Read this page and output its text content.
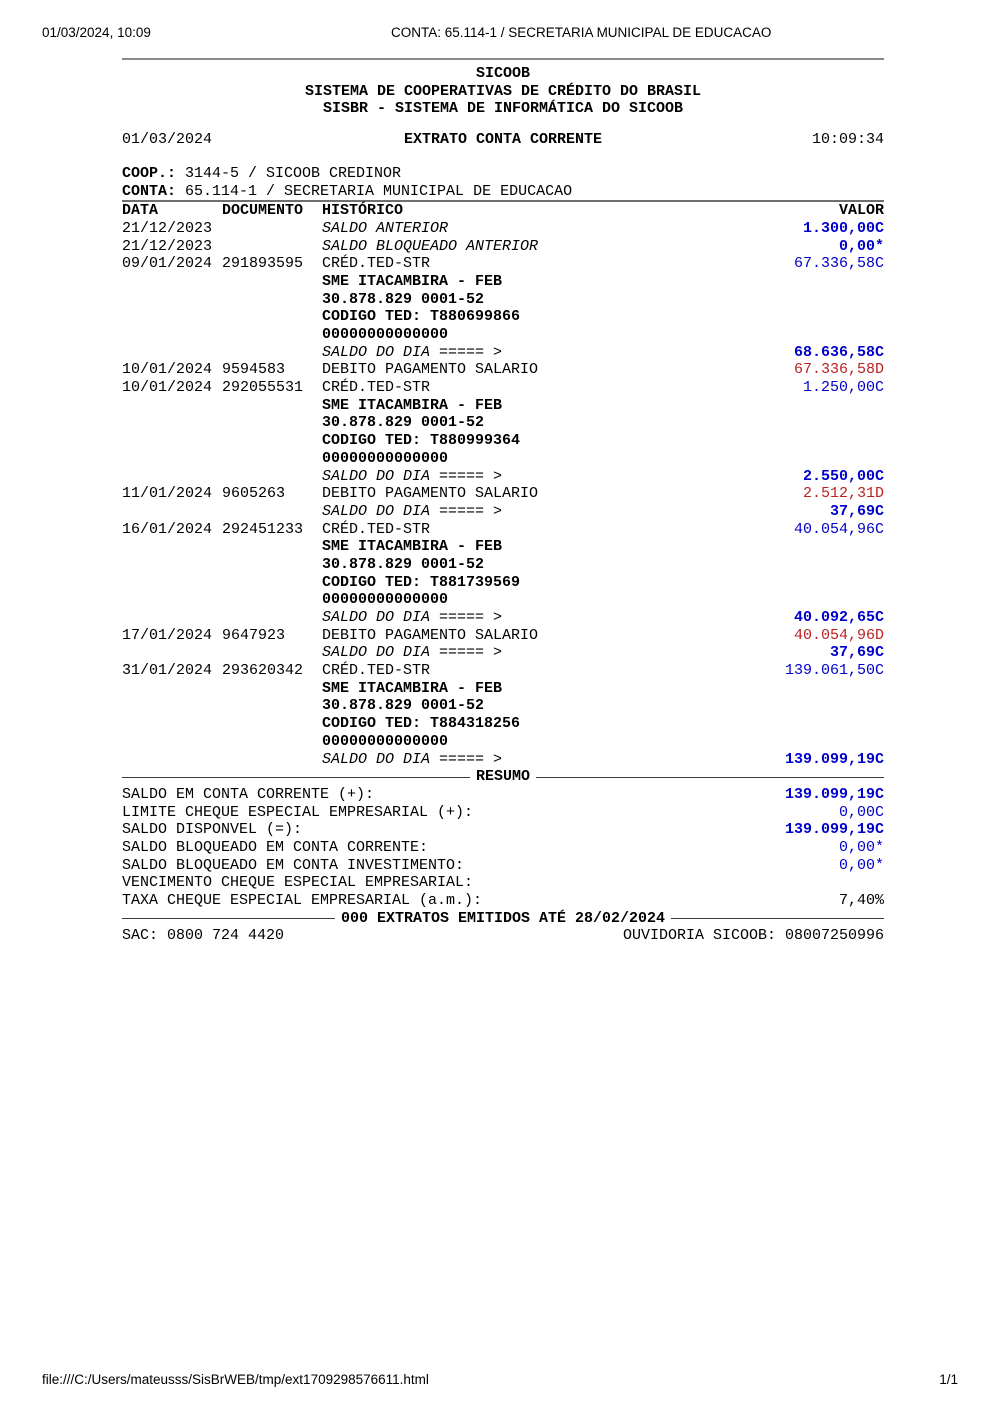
01/03/2024, 10:09	CONTA: 65.114-1 / SECRETARIA MUNICIPAL DE EDUCACAO
SICOOB
SISTEMA DE COOPERATIVAS DE CRÉDITO DO BRASIL
SISBR - SISTEMA DE INFORMÁTICA DO SICOOB
01/03/2024	EXTRATO CONTA CORRENTE	10:09:34
COOP.: 3144-5 / SICOOB CREDINOR
CONTA: 65.114-1 / SECRETARIA MUNICIPAL DE EDUCACAO
DATA	DOCUMENTO	HISTÓRICO	VALOR
21/12/2023	SALDO ANTERIOR	1.300,00C
21/12/2023	SALDO BLOQUEADO ANTERIOR	0,00*
09/01/2024 291893595	CRÉD.TED-STR	67.336,58C
SME ITACAMBIRA - FEB
30.878.829 0001-52
CODIGO TED: T880699866
00000000000000
SALDO DO DIA ===== >	68.636,58C
10/01/2024 9594583	DEBITO PAGAMENTO SALARIO	67.336,58D
10/01/2024 292055531	CRÉD.TED-STR	1.250,00C
SME ITACAMBIRA - FEB
30.878.829 0001-52
CODIGO TED: T880999364
00000000000000
SALDO DO DIA ===== >	2.550,00C
11/01/2024 9605263	DEBITO PAGAMENTO SALARIO	2.512,31D
SALDO DO DIA ===== >	37,69C
16/01/2024 292451233	CRÉD.TED-STR	40.054,96C
SME ITACAMBIRA - FEB
30.878.829 0001-52
CODIGO TED: T881739569
00000000000000
SALDO DO DIA ===== >	40.092,65C
17/01/2024 9647923	DEBITO PAGAMENTO SALARIO	40.054,96D
SALDO DO DIA ===== >	37,69C
31/01/2024 293620342	CRÉD.TED-STR	139.061,50C
SME ITACAMBIRA - FEB
30.878.829 0001-52
CODIGO TED: T884318256
00000000000000
SALDO DO DIA ===== >	139.099,19C
RESUMO
SALDO EM CONTA CORRENTE (+):	139.099,19C
LIMITE CHEQUE ESPECIAL EMPRESARIAL (+):	0,00C
SALDO DISPONVEL (=):	139.099,19C
SALDO BLOQUEADO EM CONTA CORRENTE:	0,00*
SALDO BLOQUEADO EM CONTA INVESTIMENTO:	0,00*
VENCIMENTO CHEQUE ESPECIAL EMPRESARIAL:
TAXA CHEQUE ESPECIAL EMPRESARIAL (a.m.):	7,40%
000 EXTRATOS EMITIDOS ATÉ 28/02/2024
SAC: 0800 724 4420	OUVIDORIA SICOOB: 08007250996
file:///C:/Users/mateusss/SisBrWEB/tmp/ext1709298576611.html	1/1
